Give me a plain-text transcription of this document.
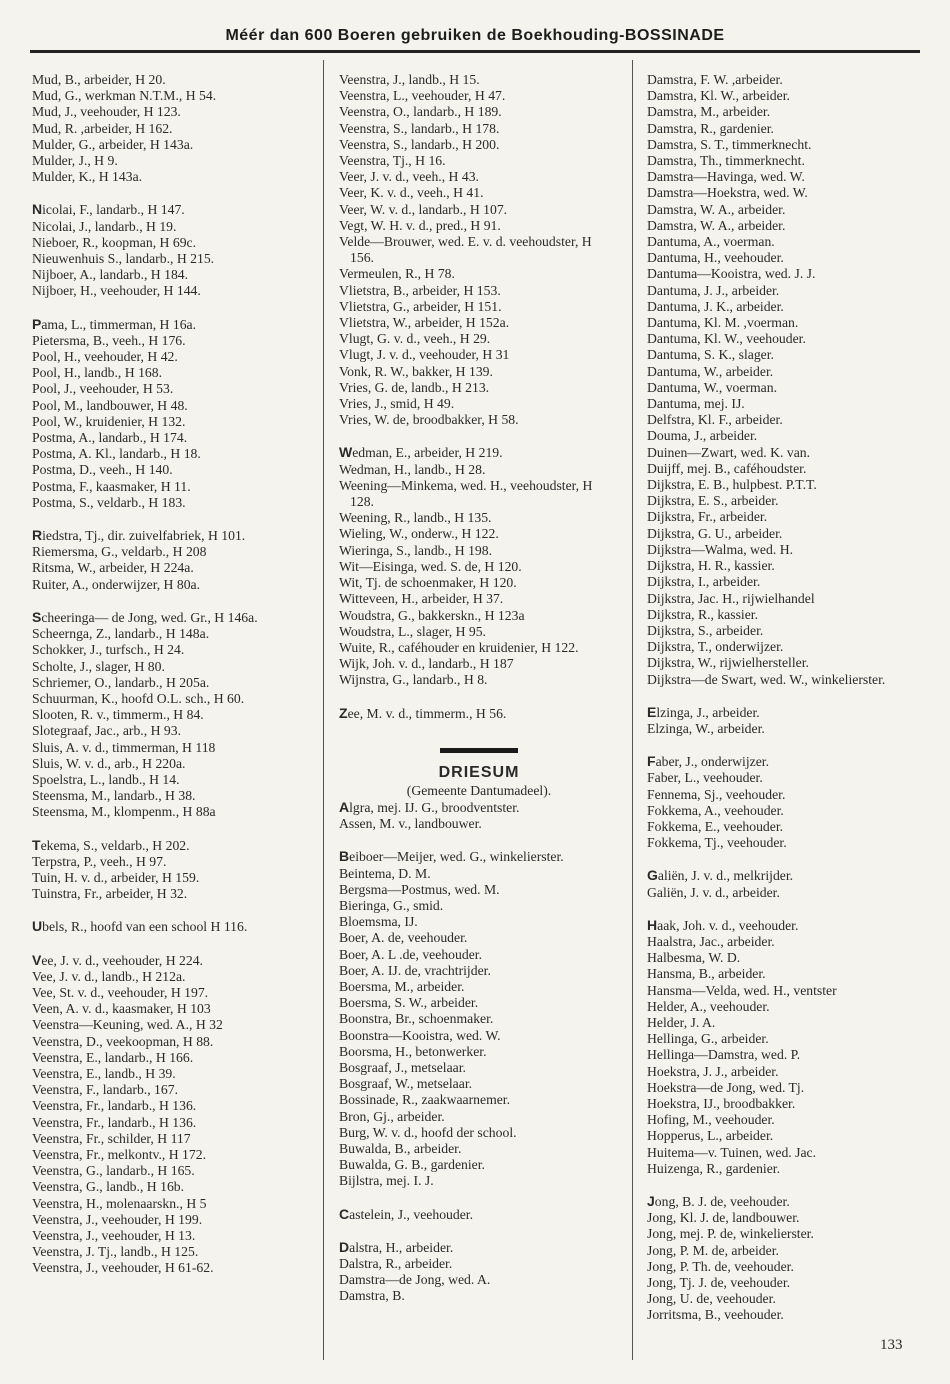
Méér dan 600 Boeren gebruiken de Boekhouding-BOSSINADE
Mud, B., arbeider, H 20.
Mud, G., werkman N.T.M., H 54.
Mud, J., veehouder, H 123.
Mud, R. ,arbeider, H 162.
Mulder, G., arbeider, H 143a.
Mulder, J., H 9.
Mulder, K., H 143a.
Nicolai, F., landarb., H 147.
Nicolai, J., landarb., H 19.
Nieboer, R., koopman, H 69c.
Nieuwenhuis S., landarb., H 215.
Nijboer, A., landarb., H 184.
Nijboer, H., veehouder, H 144.
Pama, L., timmerman, H 16a.
Pietersma, B., veeh., H 176.
Pool, H., veehouder, H 42.
Pool, H., landb., H 168.
Pool, J., veehouder, H 53.
Pool, M., landbouwer, H 48.
Pool, W., kruidenier, H 132.
Postma, A., landarb., H 174.
Postma, A. Kl., landarb., H 18.
Postma, D., veeh., H 140.
Postma, F., kaasmaker, H 11.
Postma, S., veldarb., H 183.
Riedstra, Tj., dir. zuivelfabriek, H 101.
Riemersma, G., veldarb., H 208
Ritsma, W., arbeider, H 224a.
Ruiter, A., onderwijzer, H 80a.
Scheeringa— de Jong, wed. Gr., H 146a.
Scheernga, Z., landarb., H 148a.
Schokker, J., turfsch., H 24.
Scholte, J., slager, H 80.
Schriemer, O., landarb., H 205a.
Schuurman, K., hoofd O.L. sch., H 60.
Slooten, R. v., timmerm., H 84.
Slotegraaf, Jac., arb., H 93.
Sluis, A. v. d., timmerman, H 118
Sluis, W. v. d., arb., H 220a.
Spoelstra, L., landb., H 14.
Steensma, M., landarb., H 38.
Steensma, M., klompenm., H 88a
Tekema, S., veldarb., H 202.
Terpstra, P., veeh., H 97.
Tuin, H. v. d., arbeider, H 159.
Tuinstra, Fr., arbeider, H 32.
Ubels, R., hoofd van een school H 116.
Vee, J. v. d., veehouder, H 224.
Vee, J. v. d., landb., H 212a.
Vee, St. v. d., veehouder, H 197.
Veen, A. v. d., kaasmaker, H 103
Veenstra—Keuning, wed. A., H 32
Veenstra, D., veekoopman, H 88.
Veenstra, E., landarb., H 166.
Veenstra, E., landb., H 39.
Veenstra, F., landarb., 167.
Veenstra, Fr., landarb., H 136.
Veenstra, Fr., landarb., H 136.
Veenstra, Fr., schilder, H 117
Veenstra, Fr., melkontv., H 172.
Veenstra, G., landarb., H 165.
Veenstra, G., landb., H 16b.
Veenstra, H., molenaarskn., H 5
Veenstra, J., veehouder, H 199.
Veenstra, J., veehouder, H 13.
Veenstra, J. Tj., landb., H 125.
Veenstra, J., veehouder, H 61-62.
Veenstra, J., landb., H 15.
Veenstra, L., veehouder, H 47.
Veenstra, O., landarb., H 189.
Veenstra, S., landarb., H 178.
Veenstra, S., landarb., H 200.
Veenstra, Tj., H 16.
Veer, J. v. d., veeh., H 43.
Veer, K. v. d., veeh., H 41.
Veer, W. v. d., landarb., H 107.
Vegt, W. H. v. d., pred., H 91.
Velde—Brouwer, wed. E. v. d. veehoudster, H 156.
Vermeulen, R., H 78.
Vlietstra, B., arbeider, H 153.
Vlietstra, G., arbeider, H 151.
Vlietstra, W., arbeider, H 152a.
Vlugt, G. v. d., veeh., H 29.
Vlugt, J. v. d., veehouder, H 31
Vonk, R. W., bakker, H 139.
Vries, G. de, landb., H 213.
Vries, J., smid, H 49.
Vries, W. de, broodbakker, H 58.
Wedman, E., arbeider, H 219.
Wedman, H., landb., H 28.
Weening—Minkema, wed. H., veehoudster, H 128.
Weening, R., landb., H 135.
Wieling, W., onderw., H 122.
Wieringa, S., landb., H 198.
Wit—Eisinga, wed. S. de, H 120.
Wit, Tj. de schoenmaker, H 120.
Witteveen, H., arbeider, H 37.
Woudstra, G., bakkerskn., H 123a
Woudstra, L., slager, H 95.
Wuite, R., caféhouder en kruidenier, H 122.
Wijk, Joh. v. d., landarb., H 187
Wijnstra, G., landarb., H 8.
Zee, M. v. d., timmerm., H 56.
DRIESUM
(Gemeente Dantumadeel).
Algra, mej. IJ. G., broodventster.
Assen, M. v., landbouwer.
Beiboer—Meijer, wed. G., winkelierster.
Beintema, D. M.
Bergsma—Postmus, wed. M.
Bieringa, G., smid.
Bloemsma, IJ.
Boer, A. de, veehouder.
Boer, A. L .de, veehouder.
Boer, A. IJ. de, vrachtrijder.
Boersma, M., arbeider.
Boersma, S. W., arbeider.
Boonstra, Br., schoenmaker.
Boonstra—Kooistra, wed. W.
Boorsma, H., betonwerker.
Bosgraaf, J., metselaar.
Bosgraaf, W., metselaar.
Bossinade, R., zaakwaarnemer.
Bron, Gj., arbeider.
Burg, W. v. d., hoofd der school.
Buwalda, B., arbeider.
Buwalda, G. B., gardenier.
Bijlstra, mej. I. J.
Castelein, J., veehouder.
Dalstra, H., arbeider.
Dalstra, R., arbeider.
Damstra—de Jong, wed. A.
Damstra, B.
Damstra, F. W. ,arbeider.
Damstra, Kl. W., arbeider.
Damstra, M., arbeider.
Damstra, R., gardenier.
Damstra, S. T., timmerknecht.
Damstra, Th., timmerknecht.
Damstra—Havinga, wed. W.
Damstra—Hoekstra, wed. W.
Damstra, W. A., arbeider.
Damstra, W. A., arbeider.
Dantuma, A., voerman.
Dantuma, H., veehouder.
Dantuma—Kooistra, wed. J. J.
Dantuma, J. J., arbeider.
Dantuma, J. K., arbeider.
Dantuma, Kl. M. ,voerman.
Dantuma, Kl. W., veehouder.
Dantuma, S. K., slager.
Dantuma, W., arbeider.
Dantuma, W., voerman.
Dantuma, mej. IJ.
Delfstra, Kl. F., arbeider.
Douma, J., arbeider.
Duinen—Zwart, wed. K. van.
Duijff, mej. B., caféhoudster.
Dijkstra, E. B., hulpbest. P.T.T.
Dijkstra, E. S., arbeider.
Dijkstra, Fr., arbeider.
Dijkstra, G. U., arbeider.
Dijkstra—Walma, wed. H.
Dijkstra, H. R., kassier.
Dijkstra, I., arbeider.
Dijkstra, Jac. H., rijwielhandel
Dijkstra, R., kassier.
Dijkstra, S., arbeider.
Dijkstra, T., onderwijzer.
Dijkstra, W., rijwielhersteller.
Dijkstra—de Swart, wed. W., winkelierster.
Elzinga, J., arbeider.
Elzinga, W., arbeider.
Faber, J., onderwijzer.
Faber, L., veehouder.
Fennema, Sj., veehouder.
Fokkema, A., veehouder.
Fokkema, E., veehouder.
Fokkema, Tj., veehouder.
Galiën, J. v. d., melkrijder.
Galiën, J. v. d., arbeider.
Haak, Joh. v. d., veehouder.
Haalstra, Jac., arbeider.
Halbesma, W. D.
Hansma, B., arbeider.
Hansma—Velda, wed. H., ventster
Helder, A., veehouder.
Helder, J. A.
Hellinga, G., arbeider.
Hellinga—Damstra, wed. P.
Hoekstra, J. J., arbeider.
Hoekstra—de Jong, wed. Tj.
Hoekstra, IJ., broodbakker.
Hofing, M., veehouder.
Hopperus, L., arbeider.
Huitema—v. Tuinen, wed. Jac.
Huizenga, R., gardenier.
Jong, B. J. de, veehouder.
Jong, Kl. J. de, landbouwer.
Jong, mej. P. de, winkelierster.
Jong, P. M. de, arbeider.
Jong, P. Th. de, veehouder.
Jong, Tj. J. de, veehouder.
Jong, U. de, veehouder.
Jorritsma, B., veehouder.
133
